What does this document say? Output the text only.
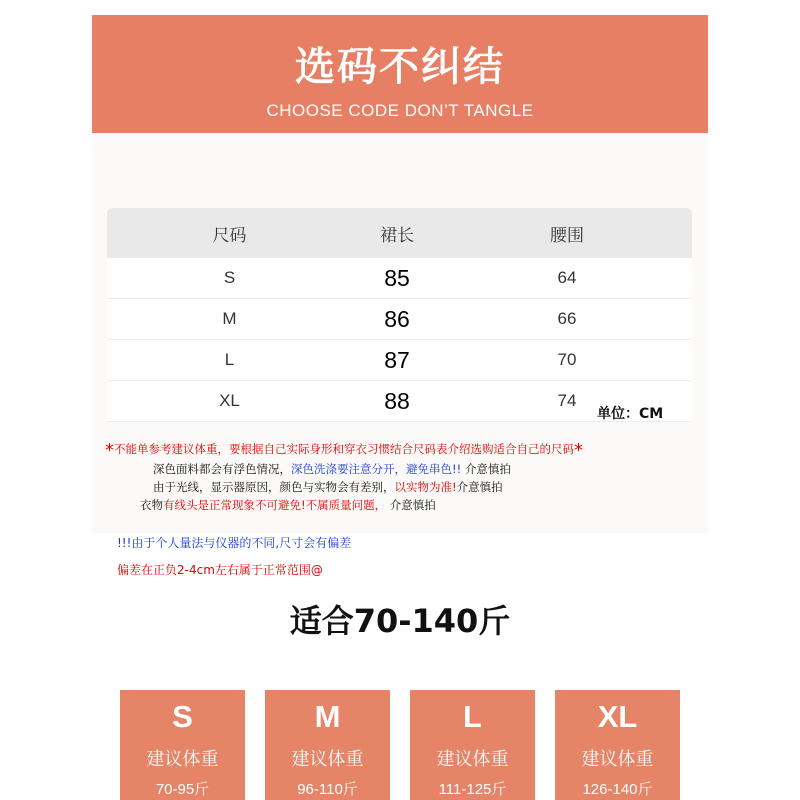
选码不纠结
CHOOSE CODE DON’T TANGLE
尺码	裙长	腰围
S	85	64
M	86	66
L	87	70
XL	88	74
单位：CM
*不能单参考建议体重，要根据自己实际身形和穿衣习惯结合尺码表介绍选购适合自己的尺码*
深色面料都会有浮色情况，深色洗涤要注意分开，避免串色!! 介意慎拍
由于光线，显示器原因，颜色与实物会有差别，以实物为准!介意慎拍
衣物有线头是正常现象不可避免!不属质量问题， 介意慎拍
!!!由于个人量法与仪器的不同,尺寸会有偏差
偏差在正负2-4cm左右属于正常范围@
适合70-140斤
S
建议体重
70-95斤
M
建议体重
96-110斤
L
建议体重
111-125斤
XL
建议体重
126-140斤
